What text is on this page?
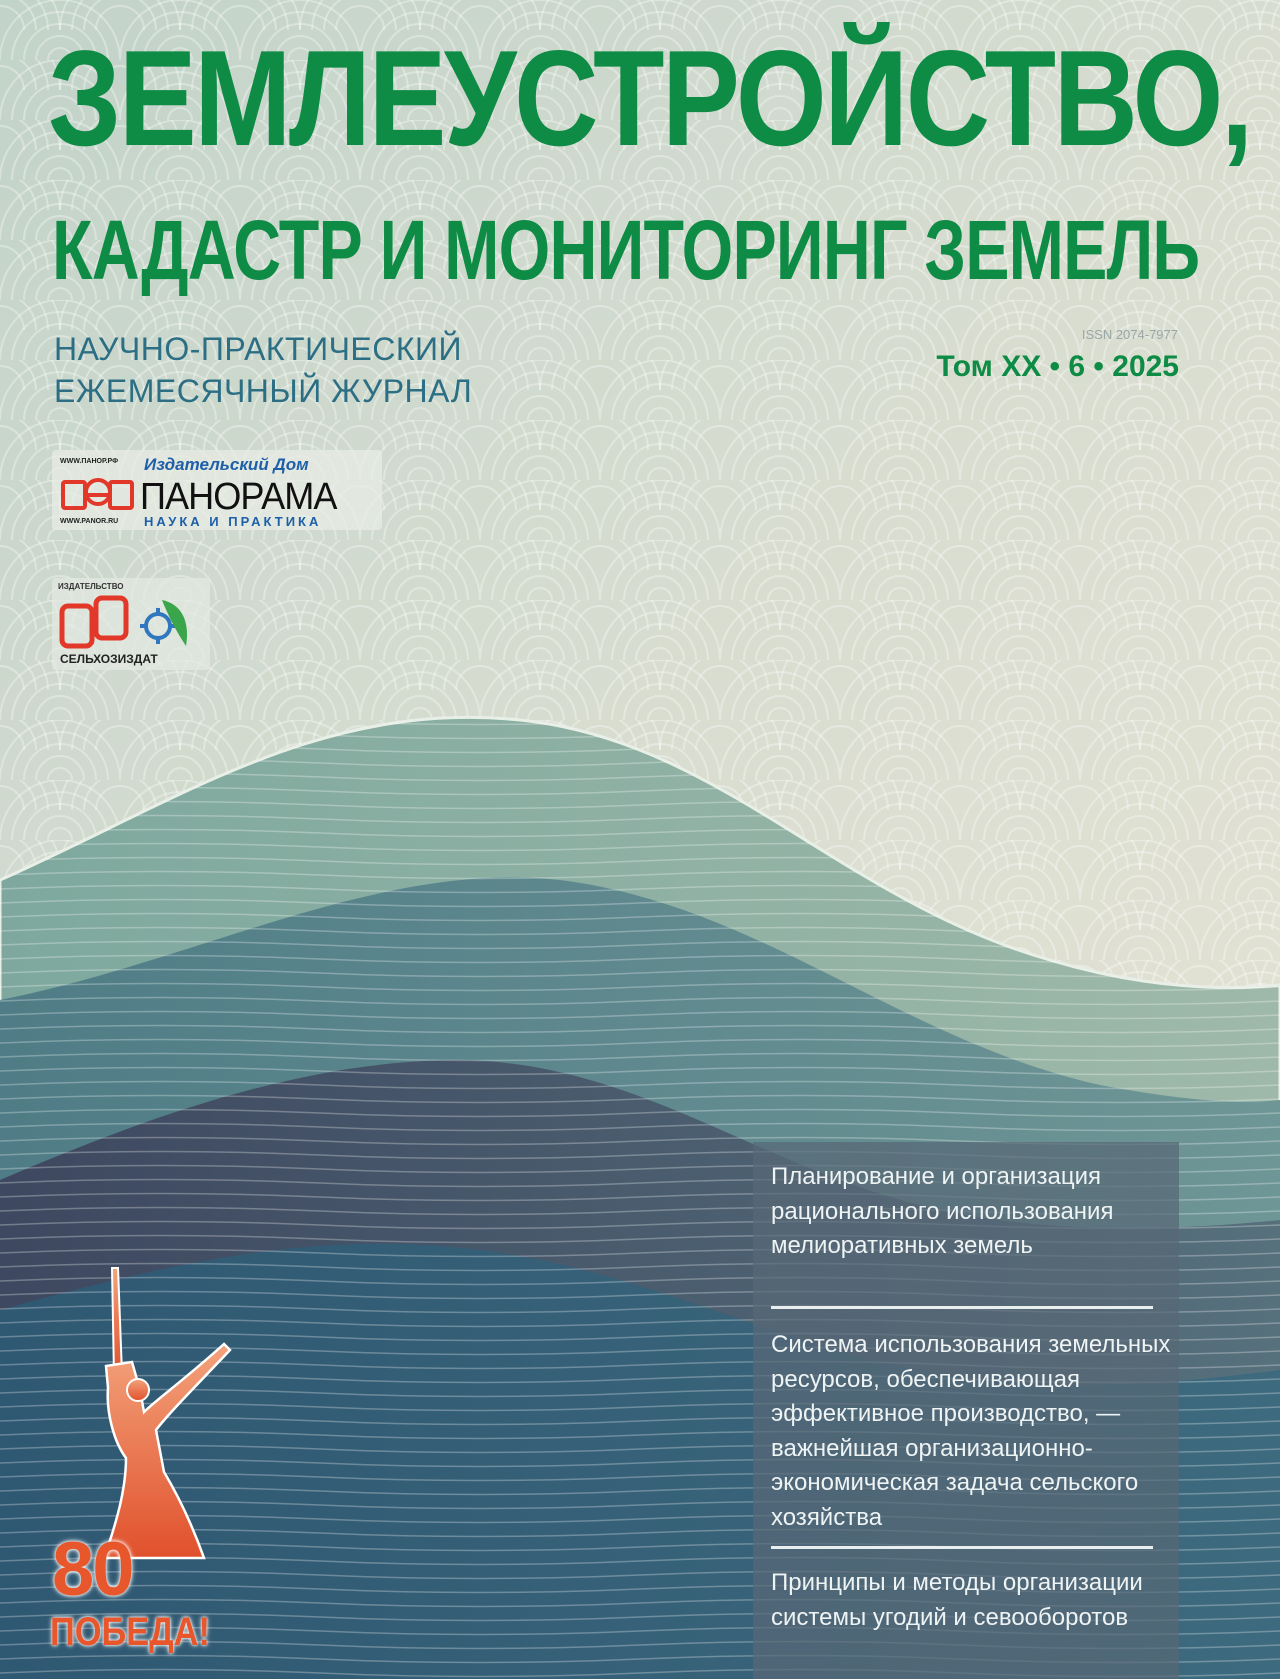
ЗЕМЛЕУСТРОЙСТВО,
КАДАСТР И МОНИТОРИНГ ЗЕМЕЛЬ
НАУЧНО-ПРАКТИЧЕСКИЙ
ЕЖЕМЕСЯЧНЫЙ ЖУРНАЛ
ISSN 2074-7977
Том XX • 6 • 2025
WWW.ПАНОР.РФ Издательский Дом
ПАНОРАМА
НАУКА И ПРАКТИКА
WWW.PANOR.RU
ИЗДАТЕЛЬСТВО
СЕЛЬХОЗИЗДАТ

Планирование и организация рационального использования мелиоративных земель

Система использования земельных ресурсов, обеспечивающая эффективное производство, — важнейшая организационно-экономическая задача сельского хозяйства

Принципы и методы организации системы угодий и севооборотов

80
ПОБЕДА!
